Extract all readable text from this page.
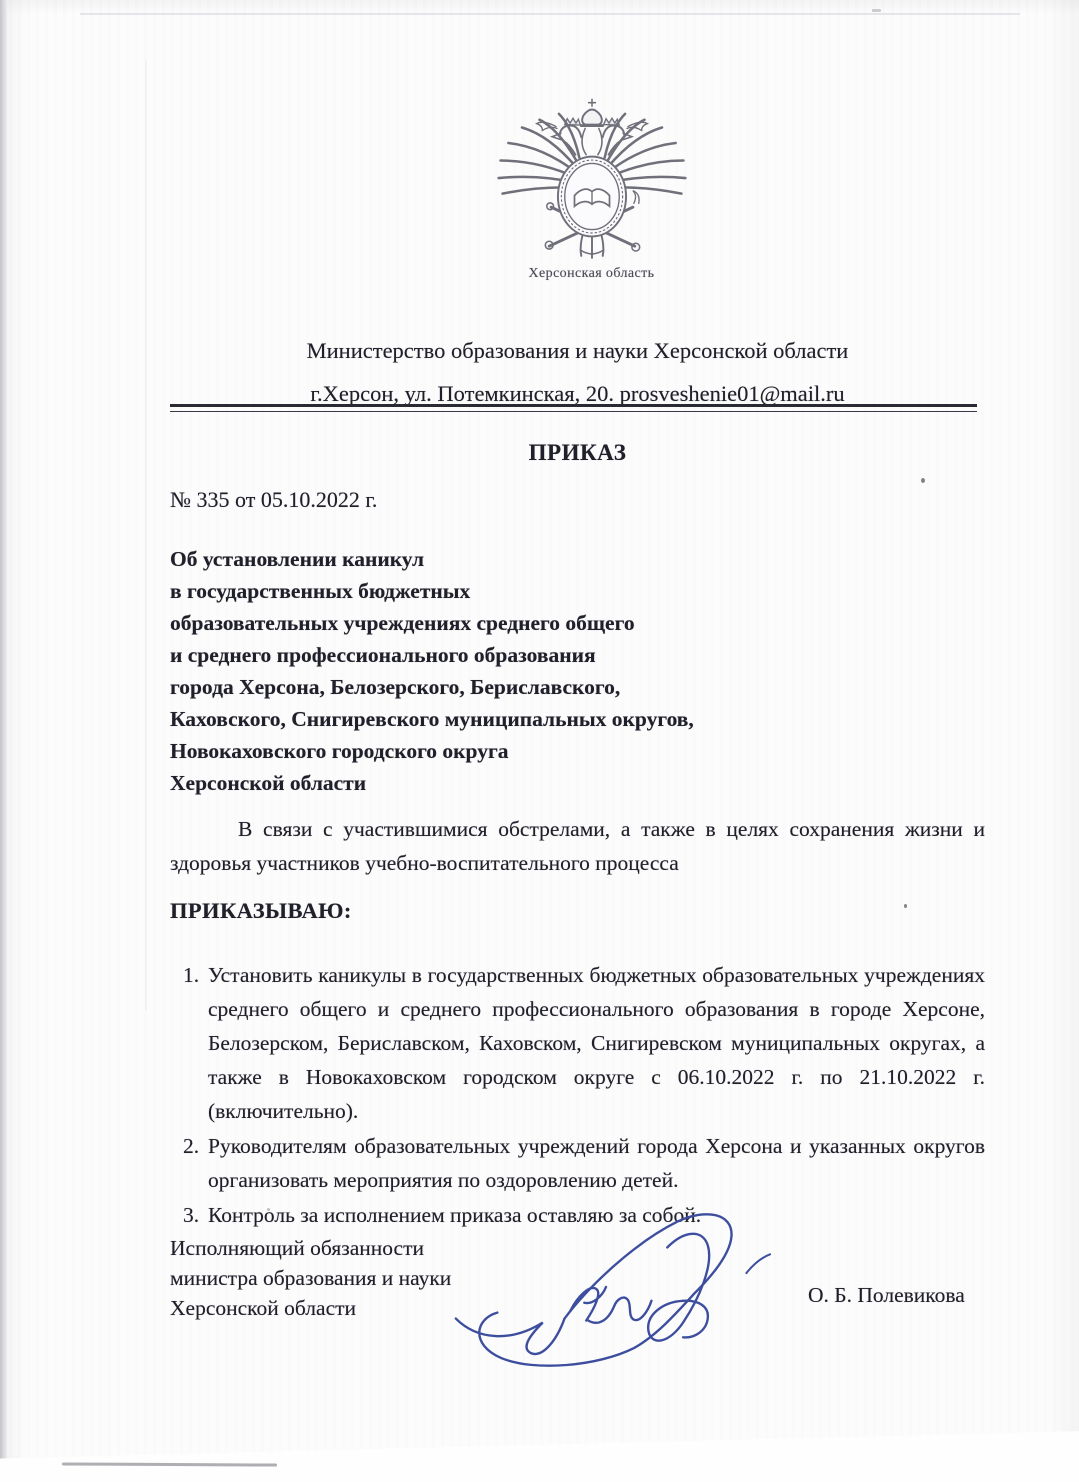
Херсонская область
Министерство образования и науки Херсонской области
г.Херсон, ул. Потемкинская, 20. prosveshenie01@mail.ru
ПРИКАЗ
№ 335 от 05.10.2022 г.
Об установлении каникул
в государственных бюджетных
образовательных учреждениях среднего общего
и среднего профессионального образования
города Херсона, Белозерского, Бериславского,
Каховского, Снигиревского муниципальных округов,
Новокаховского городского округа
Херсонской области
В связи с участившимися обстрелами, а также в целях сохранения жизни и здоровья участников учебно-воспитательного процесса
ПРИКАЗЫВАЮ:
1. Установить каникулы в государственных бюджетных образовательных учреждениях среднего общего и среднего профессионального образования в городе Херсоне, Белозерском, Бериславском, Каховском, Снигиревском муниципальных округах, а также в Новокаховском городском округе с 06.10.2022 г. по 21.10.2022 г. (включительно).
2. Руководителям образовательных учреждений города Херсона и указанных округов организовать мероприятия по оздоровлению детей.
3. Контроль за исполнением приказа оставляю за собой.
Исполняющий обязанности
министра образования и науки
Херсонской области
О. Б. Полевикова
